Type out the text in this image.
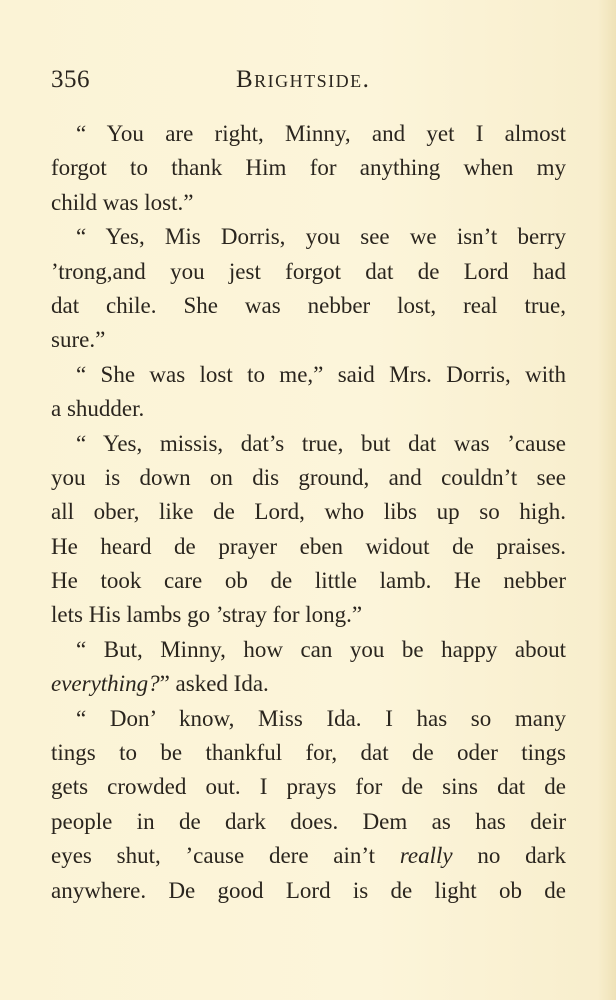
356	Brightside.

“ You are right, Minny, and yet I almost
forgot to thank Him for anything when my
child was lost.”

“ Yes, Mis Dorris, you see we isn’t berry
’trong,and you jest forgot dat de Lord had
dat chile. She was nebber lost, real true,
sure.”

“ She was lost to me,” said Mrs. Dorris, with
a shudder.

“ Yes, missis, dat’s true, but dat was ’cause
you is down on dis ground, and couldn’t see
all ober, like de Lord, who libs up so high.
He heard de prayer eben widout de praises.
He took care ob de little lamb. He nebber
lets His lambs go ’stray for long.”

“ But, Minny, how can you be happy about
everything?” asked Ida.

“ Don’ know, Miss Ida. I has so many
tings to be thankful for, dat de oder tings
gets crowded out. I prays for de sins dat de
people in de dark does. Dem as has deir
eyes shut, ’cause dere ain’t really no dark
anywhere. De good Lord is de light ob de
